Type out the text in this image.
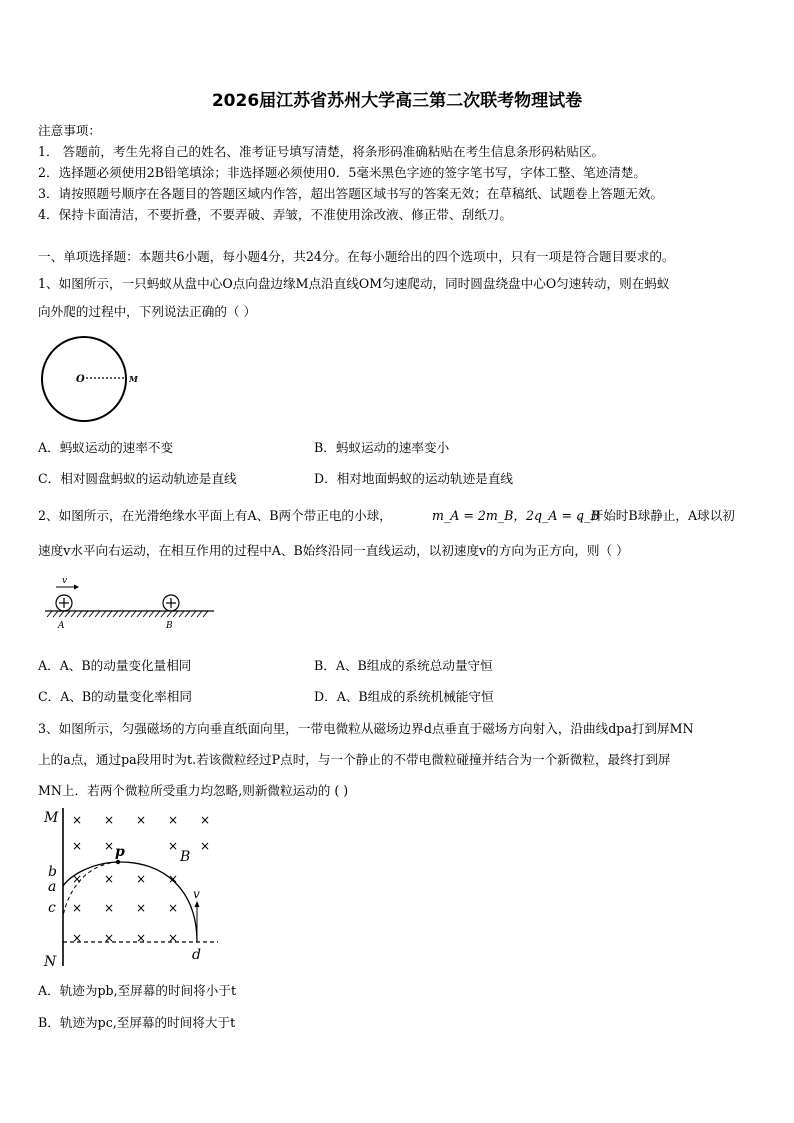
2026届江苏省苏州大学高三第二次联考物理试卷
注意事项：
1． 答题前，考生先将自己的姓名、准考证号填写清楚，将条形码准确粘贴在考生信息条形码粘贴区。
2．选择题必须使用2B铅笔填涂；非选择题必须使用0．5毫米黑色字迹的签字笔书写，字体工整、笔迹清楚。
3．请按照题号顺序在各题目的答题区域内作答，超出答题区域书写的答案无效；在草稿纸、试题卷上答题无效。
4．保持卡面清洁，不要折叠，不要弄破、弄皱，不准使用涂改液、修正带、刮纸刀。
一、单项选择题：本题共6小题，每小题4分，共24分。在每小题给出的四个选项中，只有一项是符合题目要求的。
1、如图所示，一只蚂蚁从盘中心O点向盘边缘M点沿直线OM匀速爬动，同时圆盘绕盘中心O匀速转动，则在蚂蚁
向外爬的过程中，下列说法正确的（ ）
O	M
A．蚂蚁运动的速率不变	B．蚂蚁运动的速率变小
C．相对圆盘蚂蚁的运动轨迹是直线	D．相对地面蚂蚁的运动轨迹是直线
2、如图所示，在光滑绝缘水平面上有A、B两个带正电的小球，	m_A = 2m_B，2q_A = q_B
。开始时B球静止，A球以初
速度v水平向右运动，在相互作用的过程中A、B始终沿同一直线运动，以初速度v的方向为正方向，则（ ）
v
A	B
A．A、B的动量变化量相同	B．A、B组成的系统总动量守恒
C．A、B的动量变化率相同	D．A、B组成的系统机械能守恒
3、如图所示，匀强磁场的方向垂直纸面向里，一带电微粒从磁场边界d点垂直于磁场方向射入，沿曲线dpa打到屏MN
上的a点，通过pa段用时为t.若该微粒经过P点时，与一个静止的不带电微粒碰撞并结合为一个新微粒，最终打到屏
MN上．若两个微粒所受重力均忽略,则新微粒运动的 ( )
× × × × ×
× ×	× ×
× × × ×
× × × ×
× × × ×
M
N
b
a
c
p	B
v
d
A．轨迹为pb,至屏幕的时间将小于t
B．轨迹为pc,至屏幕的时间将大于t
